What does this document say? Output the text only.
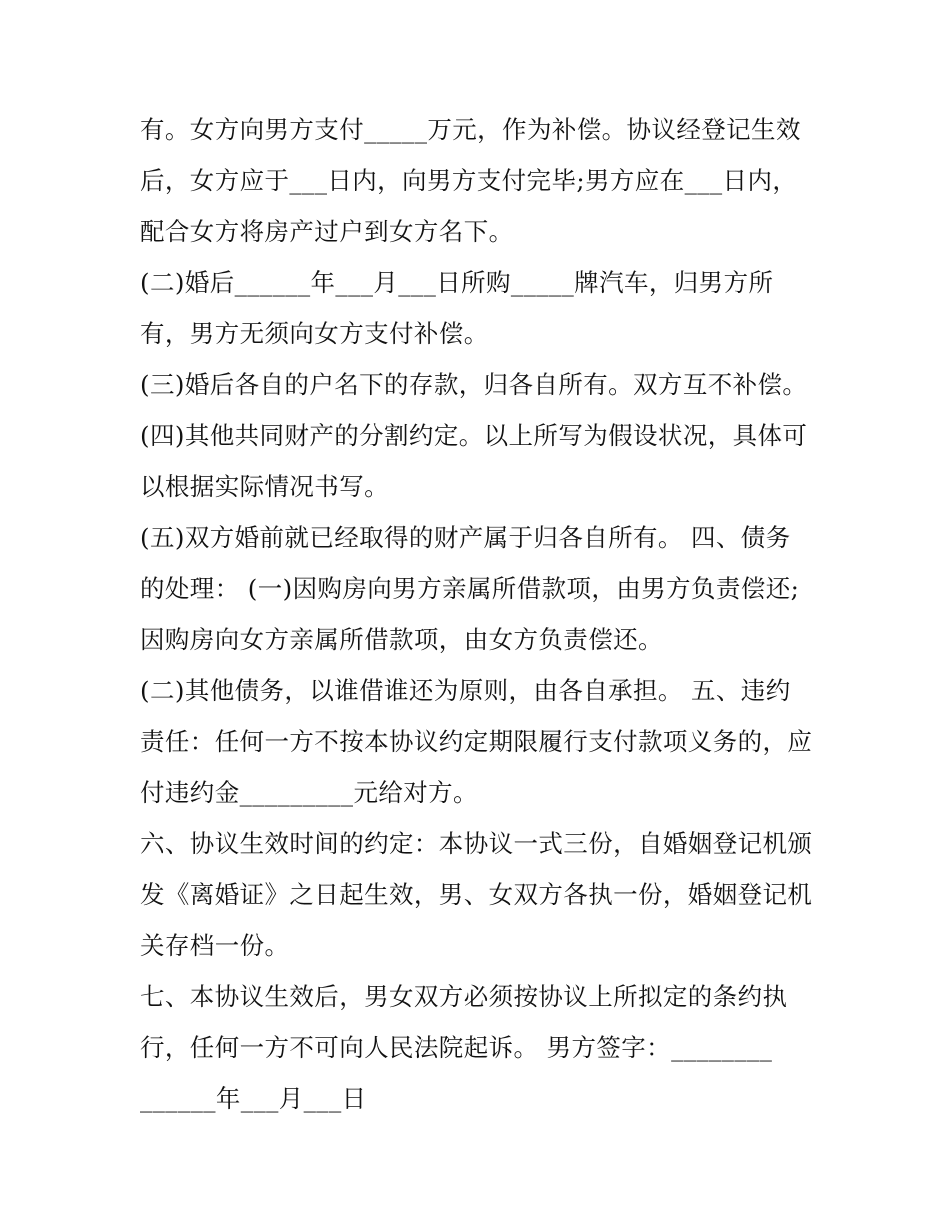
有。女方向男方支付_____万元，作为补偿。协议经登记生效
后，女方应于___日内，向男方支付完毕;男方应在___日内，
配合女方将房产过户到女方名下。
(二)婚后______年___月___日所购_____牌汽车，归男方所
有，男方无须向女方支付补偿。
(三)婚后各自的户名下的存款，归各自所有。双方互不补偿。
(四)其他共同财产的分割约定。以上所写为假设状况，具体可
以根据实际情况书写。
(五)双方婚前就已经取得的财产属于归各自所有。 四、债务
的处理： (一)因购房向男方亲属所借款项，由男方负责偿还;
因购房向女方亲属所借款项，由女方负责偿还。
(二)其他债务，以谁借谁还为原则，由各自承担。 五、违约
责任：任何一方不按本协议约定期限履行支付款项义务的，应
付违约金_________元给对方。
六、协议生效时间的约定：本协议一式三份，自婚姻登记机颁
发《离婚证》之日起生效，男、女双方各执一份，婚姻登记机
关存档一份。
七、本协议生效后，男女双方必须按协议上所拟定的条约执
行，任何一方不可向人民法院起诉。 男方签字：________
______年___月___日
